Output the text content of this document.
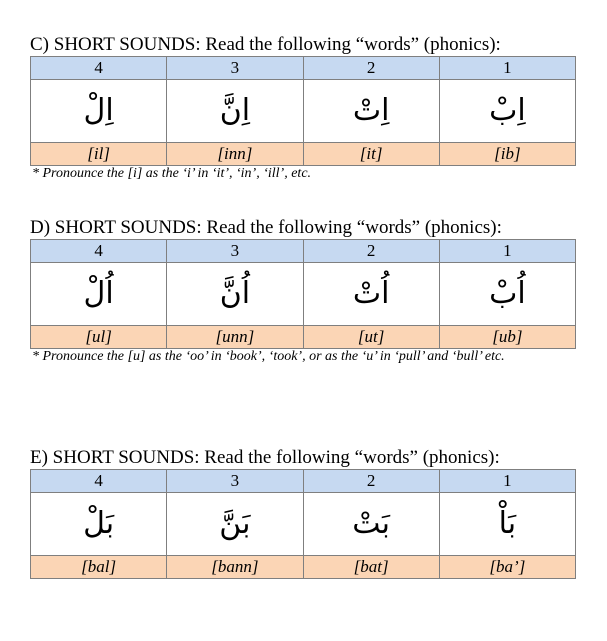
C) SHORT SOUNDS: Read the following “words” (phonics):
4	3	2	1
اِلْ	اِنَّ	اِتْ	اِبْ
[il]	[inn]	[it]	[ib]
* Pronounce the [i] as the ‘i’ in ‘it’, ‘in’, ‘ill’, etc.
D) SHORT SOUNDS: Read the following “words” (phonics):
4	3	2	1
اُلْ	اُنَّ	اُتْ	اُبْ
[ul]	[unn]	[ut]	[ub]
* Pronounce the [u] as the ‘oo’ in ‘book’, ‘took’, or as the ‘u’ in ‘pull’ and ‘bull’ etc.
E) SHORT SOUNDS: Read the following “words” (phonics):
4	3	2	1
بَلْ	بَنَّ	بَتْ	بَاْ
[bal]	[bann]	[bat]	[ba’]
